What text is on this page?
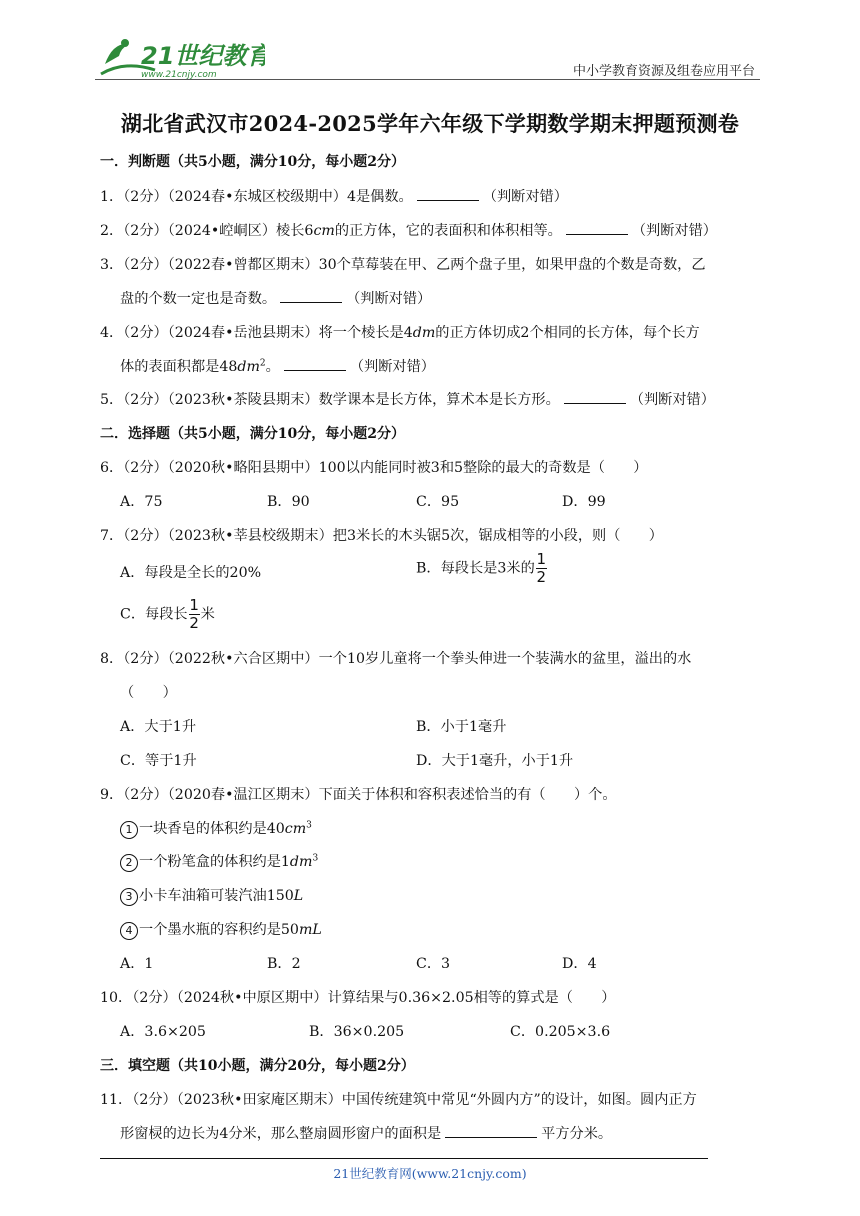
21世纪教育
www.21cnjy.com	中小学教育资源及组卷应用平台
湖北省武汉市2024-2025学年六年级下学期数学期末押题预测卷
一．判断题（共5小题，满分10分，每小题2分）
1．（2分）（2024春•东城区校级期中）4是偶数。	（判断对错）
2．（2分）（2024•崆峒区）棱长6cm的正方体，它的表面积和体积相等。	（判断对错）
3．（2分）（2022春•曾都区期末）30个草莓装在甲、乙两个盘子里，如果甲盘的个数是奇数，乙
盘的个数一定也是奇数。	（判断对错）
4．（2分）（2024春•岳池县期末）将一个棱长是4dm的正方体切成2个相同的长方体，每个长方
体的表面积都是$48dm^2$。	（判断对错）
5．（2分）（2023秋•茶陵县期末）数学课本是长方体，算术本是长方形。	（判断对错）
二．选择题（共5小题，满分10分，每小题2分）
6．（2分）（2020秋•略阳县期中）100以内能同时被3和5整除的最大的奇数是（　　）
A．75	B．90	C．95	D．99
7．（2分）（2023秋•莘县校级期末）把3米长的木头锯5次，锯成相等的小段，则（　　）
A．每段是全长的20%	B．每段长是3米的 $\frac{1}{2}$
C．每段长 $\frac{1}{2}$ 米
8．（2分）（2022秋•六合区期中）一个10岁儿童将一个拳头伸进一个装满水的盆里，溢出的水
（　　）
A．大于1升	B．小于1毫升
C．等于1升	D．大于1毫升，小于1升
9．（2分）（2020春•温江区期末）下面关于体积和容积表述恰当的有（　　）个。
1 一块香皂的体积约是$40cm^3$
2 一个粉笔盒的体积约是$1dm^3$
3 小卡车油箱可装汽油150L
4 一个墨水瓶的容积约是50mL
A．1	B．2	C．3	D．4
10．（2分）（2024秋•中原区期中）计算结果与0.36×2.05相等的算式是（　　）
A．3.6×205	B．36×0.205	C．0.205×3.6
三．填空题（共10小题，满分20分，每小题2分）
11．（2分）（2023秋•田家庵区期末）中国传统建筑中常见“外圆内方”的设计，如图。圆内正方
形窗棂的边长为4分米，那么整扇圆形窗户的面积是	平方分米。
21世纪教育网(www.21cnjy.com)
